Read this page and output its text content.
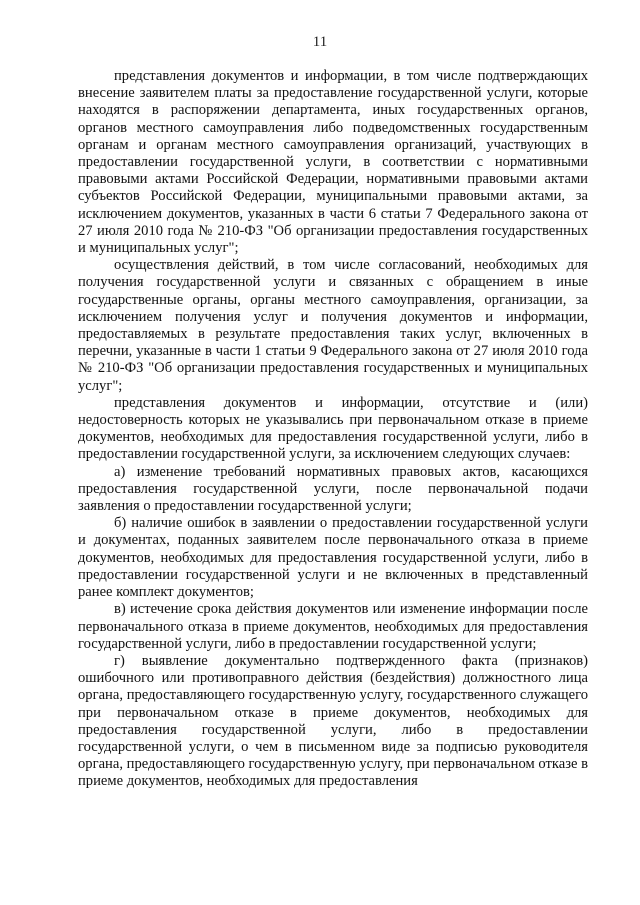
11

представления документов и информации, в том числе подтверждающих внесение заявителем платы за предоставление государственной услуги, которые находятся в распоряжении департамента, иных государственных органов, органов местного самоуправления либо подведомственных государственным органам и органам местного самоуправления организаций, участвующих в предоставлении государственной услуги, в соответствии с нормативными правовыми актами Российской Федерации, нормативными правовыми актами субъектов Российской Федерации, муниципальными правовыми актами, за исключением документов, указанных в части 6 статьи 7 Федерального закона от 27 июля 2010 года № 210-ФЗ "Об организации предоставления государственных и муниципальных услуг";

осуществления действий, в том числе согласований, необходимых для получения государственной услуги и связанных с обращением в иные государственные органы, органы местного самоуправления, организации, за исключением получения услуг и получения документов и информации, предоставляемых в результате предоставления таких услуг, включенных в перечни, указанные в части 1 статьи 9 Федерального закона от 27 июля 2010 года № 210-ФЗ "Об организации предоставления государственных и муниципальных услуг";

представления документов и информации, отсутствие и (или) недостоверность которых не указывались при первоначальном отказе в приеме документов, необходимых для предоставления государственной услуги, либо в предоставлении государственной услуги, за исключением следующих случаев:

а) изменение требований нормативных правовых актов, касающихся предоставления государственной услуги, после первоначальной подачи заявления о предоставлении государственной услуги;

б) наличие ошибок в заявлении о предоставлении государственной услуги и документах, поданных заявителем после первоначального отказа в приеме документов, необходимых для предоставления государственной услуги, либо в предоставлении государственной услуги и не включенных в представленный ранее комплект документов;

в) истечение срока действия документов или изменение информации после первоначального отказа в приеме документов, необходимых для предоставления государственной услуги, либо в предоставлении государственной услуги;

г) выявление документально подтвержденного факта (признаков) ошибочного или противоправного действия (бездействия) должностного лица органа, предоставляющего государственную услугу, государственного служащего при первоначальном отказе в приеме документов, необходимых для предоставления государственной услуги, либо в предоставлении государственной услуги, о чем в письменном виде за подписью руководителя органа, предоставляющего государственную услугу, при первоначальном отказе в приеме документов, необходимых для предоставления
